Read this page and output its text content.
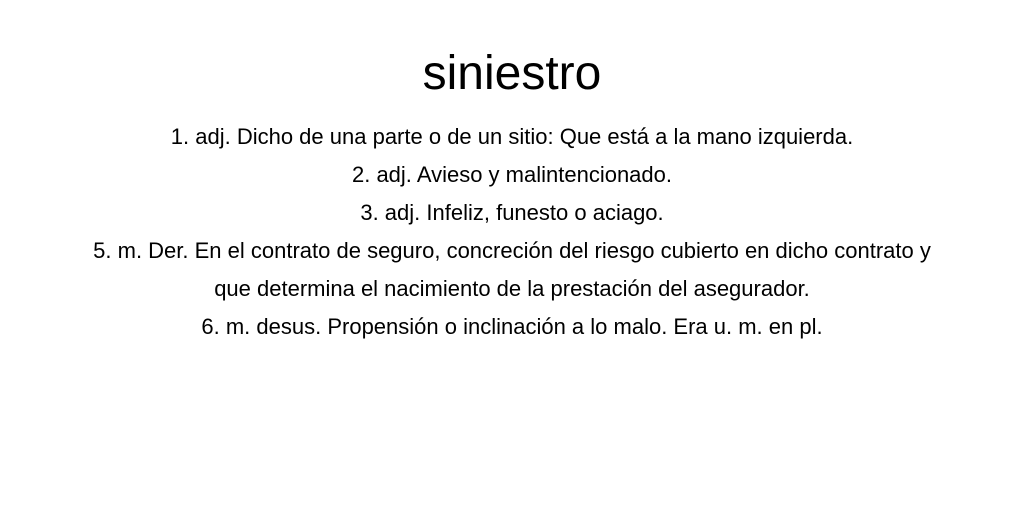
siniestro
1. adj. Dicho de una parte o de un sitio: Que está a la mano izquierda.
2. adj. Avieso y malintencionado.
3. adj. Infeliz, funesto o aciago.
5. m. Der. En el contrato de seguro, concreción del riesgo cubierto en dicho contrato y que determina el nacimiento de la prestación del asegurador.
6. m. desus. Propensión o inclinación a lo malo. Era u. m. en pl.
